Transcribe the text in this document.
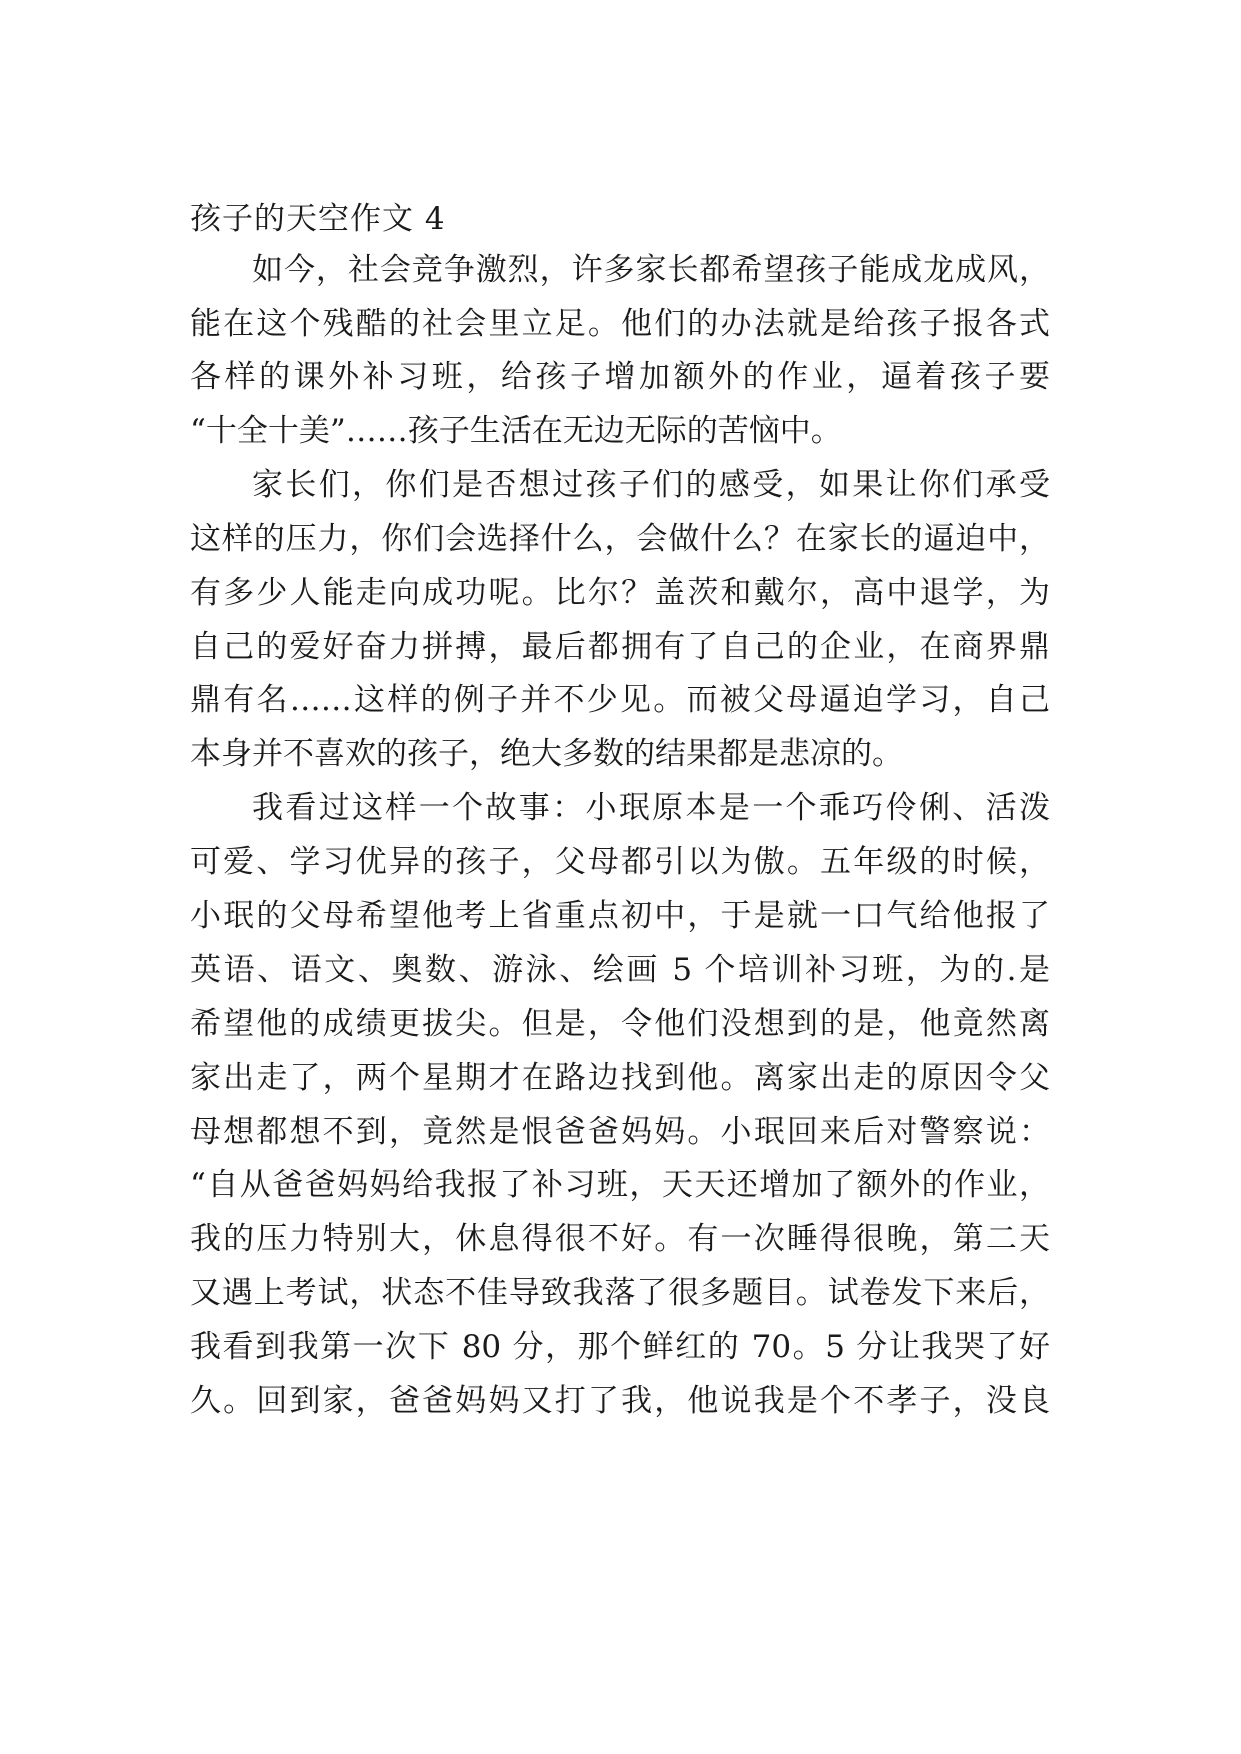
孩子的天空作文 4
如今，社会竞争激烈，许多家长都希望孩子能成龙成风，
能在这个残酷的社会里立足。他们的办法就是给孩子报各式
各样的课外补习班，给孩子增加额外的作业，逼着孩子要
“十全十美”……孩子生活在无边无际的苦恼中。
家长们，你们是否想过孩子们的感受，如果让你们承受
这样的压力，你们会选择什么，会做什么？在家长的逼迫中，
有多少人能走向成功呢。比尔？盖茨和戴尔，高中退学，为
自己的爱好奋力拼搏，最后都拥有了自己的企业，在商界鼎
鼎有名……这样的例子并不少见。而被父母逼迫学习，自己
本身并不喜欢的孩子，绝大多数的结果都是悲凉的。
我看过这样一个故事：小珉原本是一个乖巧伶俐、活泼
可爱、学习优异的孩子，父母都引以为傲。五年级的时候，
小珉的父母希望他考上省重点初中，于是就一口气给他报了
英语、语文、奥数、游泳、绘画 5 个培训补习班，为的.是
希望他的成绩更拔尖。但是，令他们没想到的是，他竟然离
家出走了，两个星期才在路边找到他。离家出走的原因令父
母想都想不到，竟然是恨爸爸妈妈。小珉回来后对警察说：
“自从爸爸妈妈给我报了补习班，天天还增加了额外的作业，
我的压力特别大，休息得很不好。有一次睡得很晚，第二天
又遇上考试，状态不佳导致我落了很多题目。试卷发下来后，
我看到我第一次下 80 分，那个鲜红的 70。5 分让我哭了好
久。回到家，爸爸妈妈又打了我，他说我是个不孝子，没良
